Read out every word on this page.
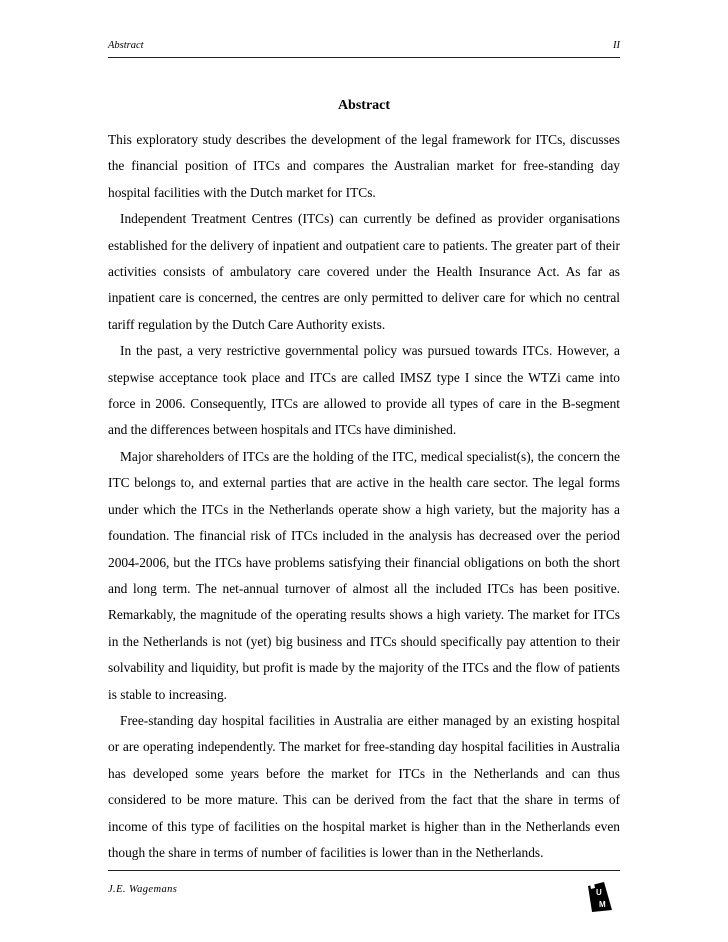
Abstract	II
Abstract

This exploratory study describes the development of the legal framework for ITCs, discusses the financial position of ITCs and compares the Australian market for free-standing day hospital facilities with the Dutch market for ITCs.

Independent Treatment Centres (ITCs) can currently be defined as provider organisations established for the delivery of inpatient and outpatient care to patients. The greater part of their activities consists of ambulatory care covered under the Health Insurance Act. As far as inpatient care is concerned, the centres are only permitted to deliver care for which no central tariff regulation by the Dutch Care Authority exists.

In the past, a very restrictive governmental policy was pursued towards ITCs. However, a stepwise acceptance took place and ITCs are called IMSZ type I since the WTZi came into force in 2006. Consequently, ITCs are allowed to provide all types of care in the B-segment and the differences between hospitals and ITCs have diminished.

Major shareholders of ITCs are the holding of the ITC, medical specialist(s), the concern the ITC belongs to, and external parties that are active in the health care sector. The legal forms under which the ITCs in the Netherlands operate show a high variety, but the majority has a foundation. The financial risk of ITCs included in the analysis has decreased over the period 2004-2006, but the ITCs have problems satisfying their financial obligations on both the short and long term. The net-annual turnover of almost all the included ITCs has been positive. Remarkably, the magnitude of the operating results shows a high variety. The market for ITCs in the Netherlands is not (yet) big business and ITCs should specifically pay attention to their solvability and liquidity, but profit is made by the majority of the ITCs and the flow of patients is stable to increasing.

Free-standing day hospital facilities in Australia are either managed by an existing hospital or are operating independently. The market for free-standing day hospital facilities in Australia has developed some years before the market for ITCs in the Netherlands and can thus considered to be more mature. This can be derived from the fact that the share in terms of income of this type of facilities on the hospital market is higher than in the Netherlands even though the share in terms of number of facilities is lower than in the Netherlands.

J.E. Wagemans	U
M
